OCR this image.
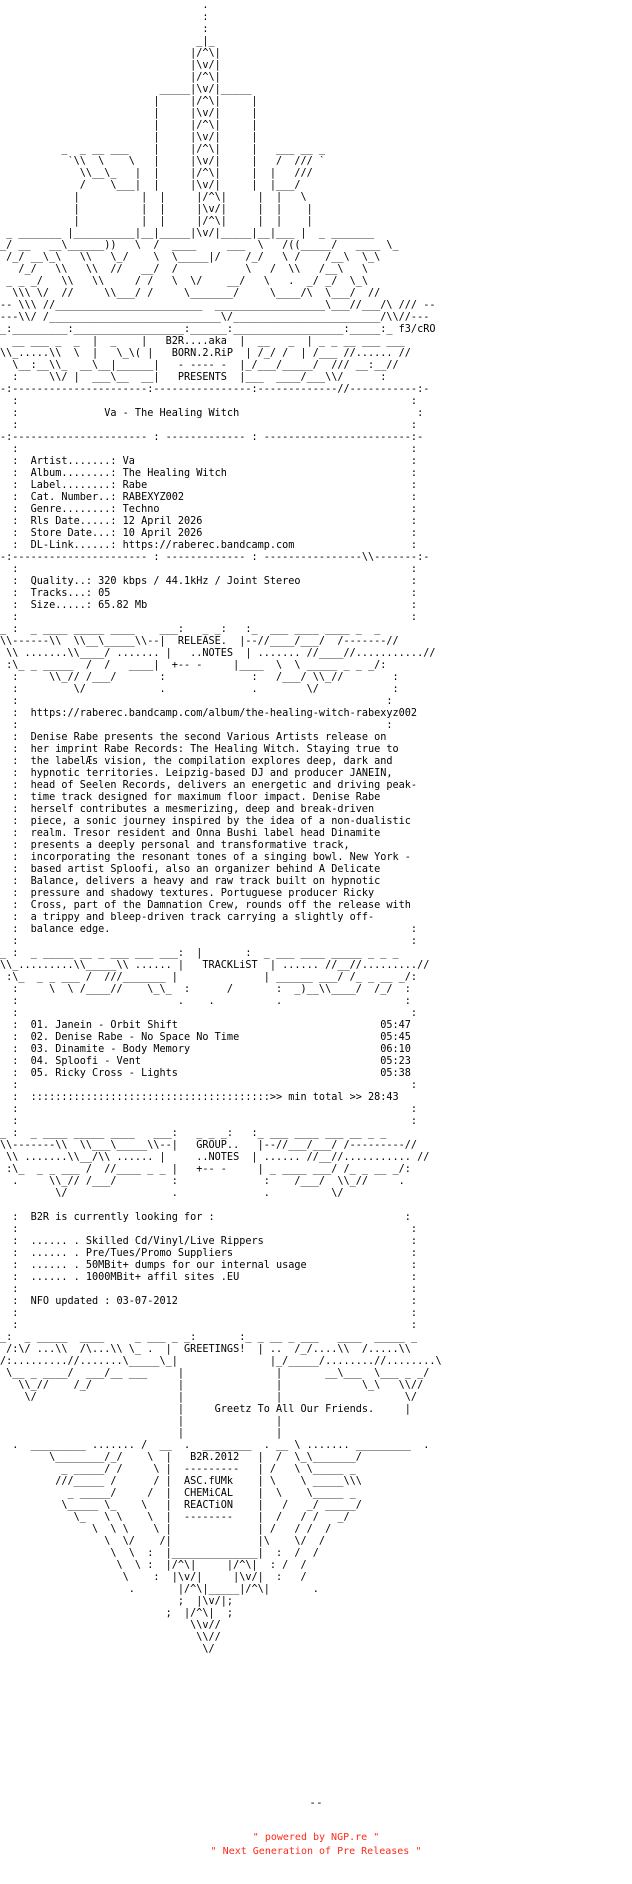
.
:
:
_|_
|/^\|
|\v/|
|/^\|
_____|\v/|_____
|     |/^\|     |
|     |\v/|     |
|     |/^\|     |
|     |\v/|     |
_  _ __ ___    |     |/^\|     |   ___ __ _
`\\  \    \   |     |\v/|     |   /  /// `
\\__\_   |  |     |/^\|     |  |   ///
/    \___|  |     |\v/|     |  |___/
|          |  |     |/^\|     |  |   \
|          |  |     |\v/|     |  |    |
|          |  |     |/^\|     |  |    |
_ _______ |__________|__|_____|\v/|_____|__|___ |  _ _______
_/ __   __\______))   \  /  ____     ___  \   /((_____/   ____ \_
/_/ __\_\   \\   \_/    \  \_____|/    /_/   \ /    /__\  \_\
/_/   \\   \\  //   __/  /           \   /  \\   /__\   \
_ _ _/   \\   \\     / /   \  \/    __/   \   .  _/ _/  \_\
\\\ \/  //     \\___/ /     \_______/     \____/\  \___/  //
-- \\\ //________________________  __________________\___//___/\ /// --
---\\/ /____________________________\/________________________/\\//---
_:_________:__________________:______:__________________:_____:_ f3/cRO
__ ___ _  _  |  _    |   B2R....aka  |  __   _  | _ _ __ ___ ___
\\_.....\\  \  |   \_\( |   BORN.2.RiP  | /_/ /  | /___ //...... //
\__:__\\_  __\__|______|   - ---- -  |_/___/_____/  /// __:__//
:     \\/ |  ___\__  __|   PRESENTS  |___  ____/___\\/      :
-:----------------------:----------------:-------------//-----------:-
:                                                                :
:              Va - The Healing Witch                             :
:                                                                :
-:---------------------- : ------------- : ------------------------:-
:                                                                :
:  Artist.......: Va                                             :
:  Album........: The Healing Witch                              :
:  Label........: Rabe                                           :
:  Cat. Number..: RABEXYZ002                                     :
:  Genre........: Techno                                         :
:  Rls Date.....: 12 April 2026                                  :
:  Store Date...: 10 April 2026                                  :
:  DL-Link......: https://raberec.bandcamp.com                   :
-:---------------------- : ------------- : ----------------\\-------:-
:                                                                :
:  Quality..: 320 kbps / 44.1kHz / Joint Stereo                  :
:  Tracks...: 05                                                 :
:  Size.....: 65.82 Mb                                           :
:                                                                :
_ :  _ ____ _____ ____    ___:   _ _:   :_  ___ ____ ____ _  _
\\------\\  \\__\_____\\--|  RELEASE.  |--//____/___/  /-------//
\\ .......\\____/ ....... |   ..NOTES  | ....... //____//...........//
:\_ _ _____  /  /   ____|  +-- -     |____  \  \ _____ _ _ _/:
:     \\_// /___/       :              :   /___/ \\_//        :
:         \/            .              .        \/            :
:                                                            :
:  https://raberec.bandcamp.com/album/the-healing-witch-rabexyz002
:                                                            :
:  Denise Rabe presents the second Various Artists release on
:  her imprint Rabe Records: The Healing Witch. Staying true to
:  the labelÆs vision, the compilation explores deep, dark and
:  hypnotic territories. Leipzig-based DJ and producer JANEIN,
:  head of Seelen Records, delivers an energetic and driving peak-
:  time track designed for maximum floor impact. Denise Rabe
:  herself contributes a mesmerizing, deep and break-driven
:  piece, a sonic journey inspired by the idea of a non-dualistic
:  realm. Tresor resident and Onna Bushi label head Dinamite
:  presents a deeply personal and transformative track,
:  incorporating the resonant tones of a singing bowl. New York -
:  based artist Sploofi, also an organizer behind A Delicate
:  Balance, delivers a heavy and raw track built on hypnotic
:  pressure and shadowy textures. Portuguese producer Ricky
:  Cross, part of the Damnation Crew, rounds off the release with
:  a trippy and bleep-driven track carrying a slightly off-
:  balance edge.                                                 :
:                                                                :
_ :  _ _____ __ _ ___ ___ ___:  |       :  _ ___ ____ _____ _ _ _
\\_.........\\_____\\ ...... |   TRACKLiST  | ...... //__//.........//
:\_  _ _ ___ /  ///_______ |              | ______ ___/ /_ _ __ _/:
:     \  \ /____//    \_\_  :      /       :  _)__\\____/  /_/  :
:                          .    .          .                    :
:                                                                :
:  01. Janein - Orbit Shift                                 05:47
:  02. Denise Rabe - No Space No Time                       05:45
:  03. Dinamite - Body Memory                               06:10
:  04. Sploofi - Vent                                       05:23
:  05. Ricky Cross - Lights                                 05:38
:                                                                :
:  :::::::::::::::::::::::::::::::::::::::>> min total >> 28:43
:                                                                :
:                                                                :
_ :  _ ____ _____ ____   ___:   _ _ _:   :_ ___ ____ ___ __ _ _
\\-------\\  \\___\_____\\--|   GROUP..   |--//___/___/ /---------//
\\ .......\\__/\\ ...... |     ..NOTES  | ...... //__//........... //
:\_  _ _ ___ /  //____ _ _ |   +-- -     | _ ____ ___/ /_ _ __ _/:
.     \\_// /___/         :              :    /___/  \\_//     .
\/                 .              .          \/

:  B2R is currently looking for :                               :
:                                                                :
:  ...... . Skilled Cd/Vinyl/Live Rippers                        :
:  ...... . Pre/Tues/Promo Suppliers                             :
:  ...... . 50MBit+ dumps for our internal usage                 :
:  ...... . 1000MBit+ affil sites .EU                            :
:                                                                :
:  NFO updated : 03-07-2012                                      :
:                                                                :
:                                                                :
_:  _ _____  ____     _ ___ _ _:       :_ _ __ _ ___   ____  _____ _
/:\/ ...\\  /\...\\ \_ .  |  GREETINGS!  | ..  /_/....\\  /.....\\
/:.........//.......\_____\_|               |_/_____/........//........\
\__ _ ____/  ___/__ ___     |               |       __\___  \___ _ _/
\\_//    /_/              |               |             \_\   \\//
\/                       |               |                    \/
|     Greetz To All Our Friends.     |
|               |
|               |
.  _________ ....... /  __  .  ________  . __ \ ....... _________  .
\________/_/    \  |   B2R.2012   |  /  \_\_______/
_ _____/ /     \ |  ---------   | /   \ \_____ _
///_____ /      / |  ASC.fUMk    | \    \ _____\\\
_ _____/     /  |  CHEMiCAL    |  \    \_____ _
\_____ \_    \   |  REACTiON    |   /   _/ _____/
\_   \ \    \  |  --------    |  /   / /   _/
\  \ \    \ |              | /   / /  /
\  \/    /|              |\    \/  /
\  \  :  |______________|  :  /  /
\  \ :  |/^\|     |/^\|  : /  /
\    :  |\v/|     |\v/|  :   /
.       |/^\|_____|/^\|       .
;  |\v/|;
;  |/^\|  ;
\\v//
\\//
\/
--
" powered by NGP.re "
" Next Generation of Pre Releases "
